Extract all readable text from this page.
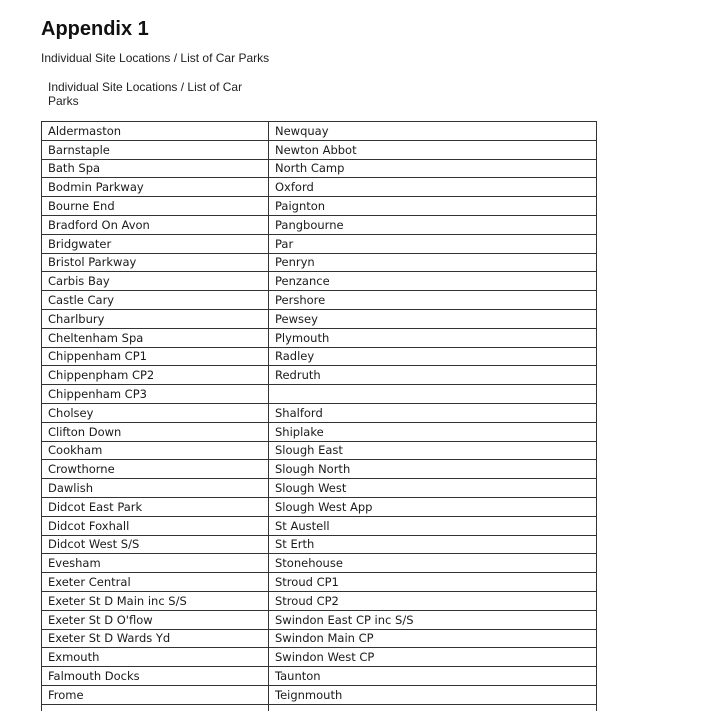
Appendix 1
Individual Site Locations / List of Car Parks
Individual Site Locations / List of Car Parks
Aldermaston	Newquay
Barnstaple	Newton Abbot
Bath Spa	North Camp
Bodmin Parkway	Oxford
Bourne End	Paignton
Bradford On Avon	Pangbourne
Bridgwater	Par
Bristol Parkway	Penryn
Carbis Bay	Penzance
Castle Cary	Pershore
Charlbury	Pewsey
Cheltenham Spa	Plymouth
Chippenham CP1	Radley
Chippenpham CP2	Redruth
Chippenham CP3	
Cholsey	Shalford
Clifton Down	Shiplake
Cookham	Slough East
Crowthorne	Slough North
Dawlish	Slough West
Didcot East Park	Slough West App
Didcot Foxhall	St Austell
Didcot West S/S	St Erth
Evesham	Stonehouse
Exeter Central	Stroud CP1
Exeter St D Main inc S/S	Stroud CP2
Exeter St D O'flow	Swindon East CP inc S/S
Exeter St D Wards Yd	Swindon Main CP
Exmouth	Swindon West CP
Falmouth Docks	Taunton
Frome	Teignmouth
